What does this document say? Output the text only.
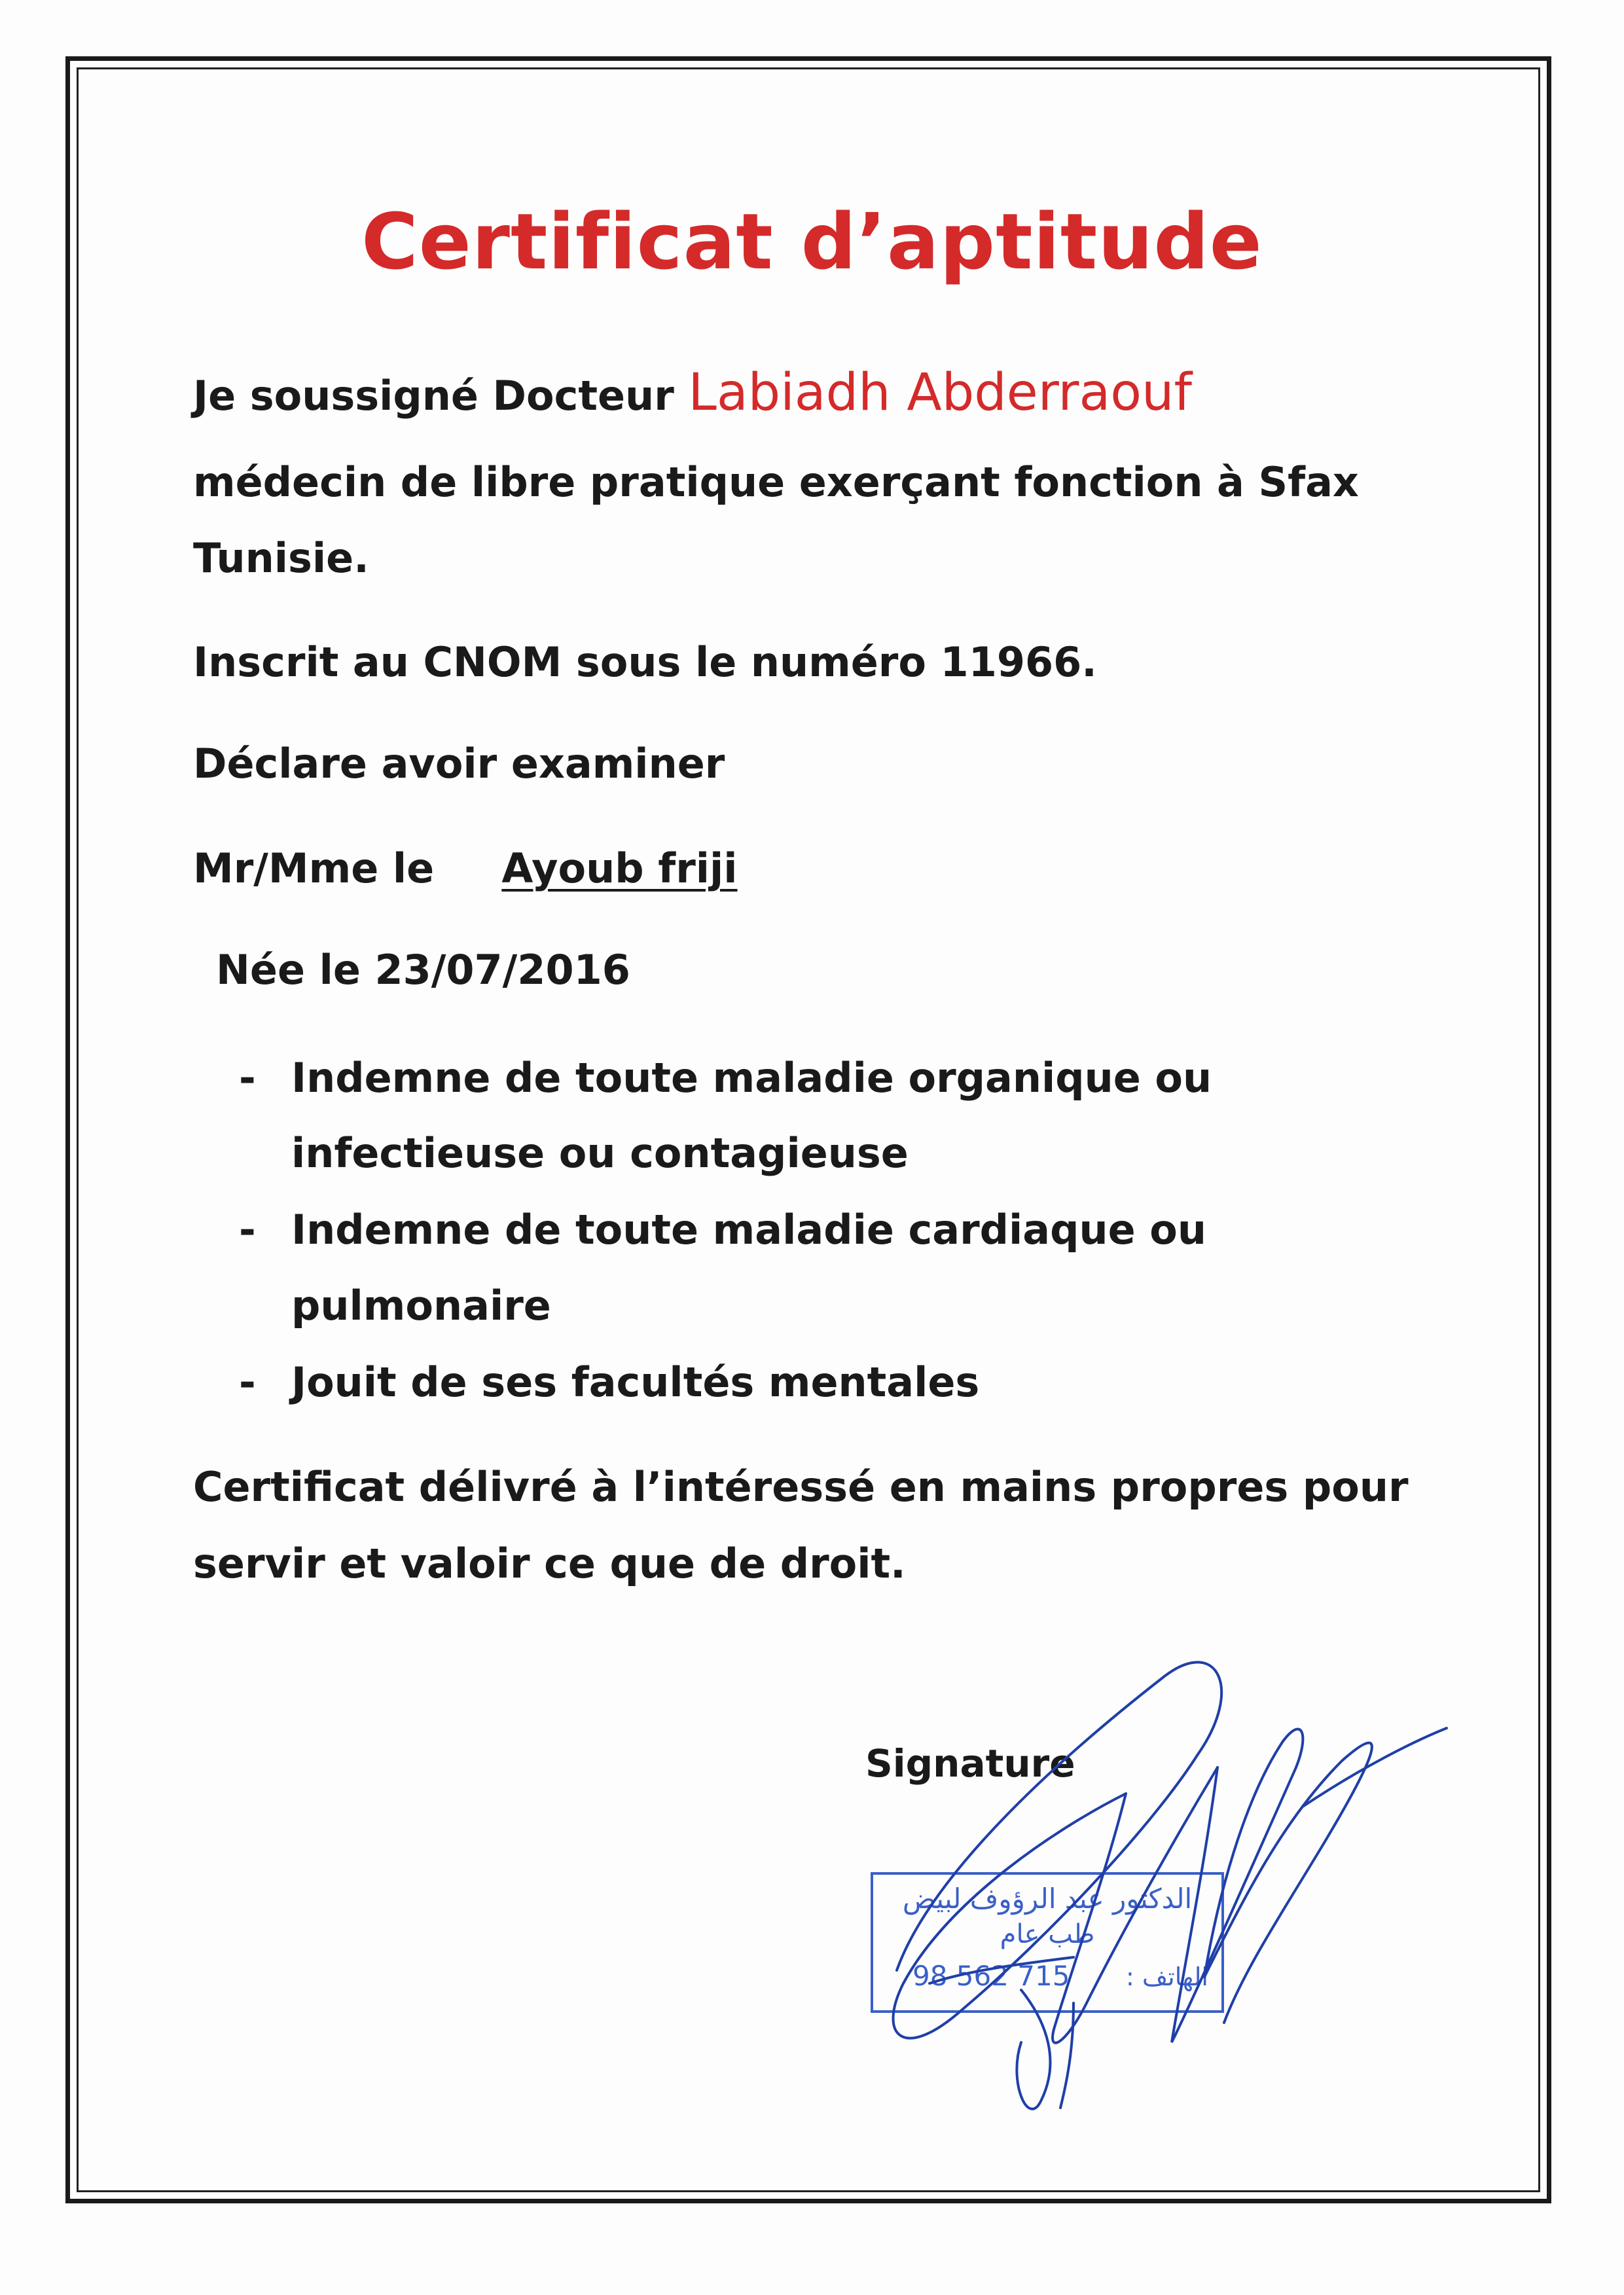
Certificat d’aptitude
Je soussigné Docteur Labiadh Abderraouf
médecin de libre pratique exerçant fonction à Sfax
Tunisie.
Inscrit au CNOM sous le numéro 11966.
Déclare avoir examiner
Mr/Mme le Ayoub friji
Née le 23/07/2016
- Indemne de toute maladie organique ou
infectieuse ou contagieuse
- Indemne de toute maladie cardiaque ou
pulmonaire
- Jouit de ses facultés mentales
Certificat délivré à l’intéressé en mains propres pour
servir et valoir ce que de droit.
Signature
الدكتور عبد الرؤوف لبيض
طب عام
98 562 715 الهاتف :
